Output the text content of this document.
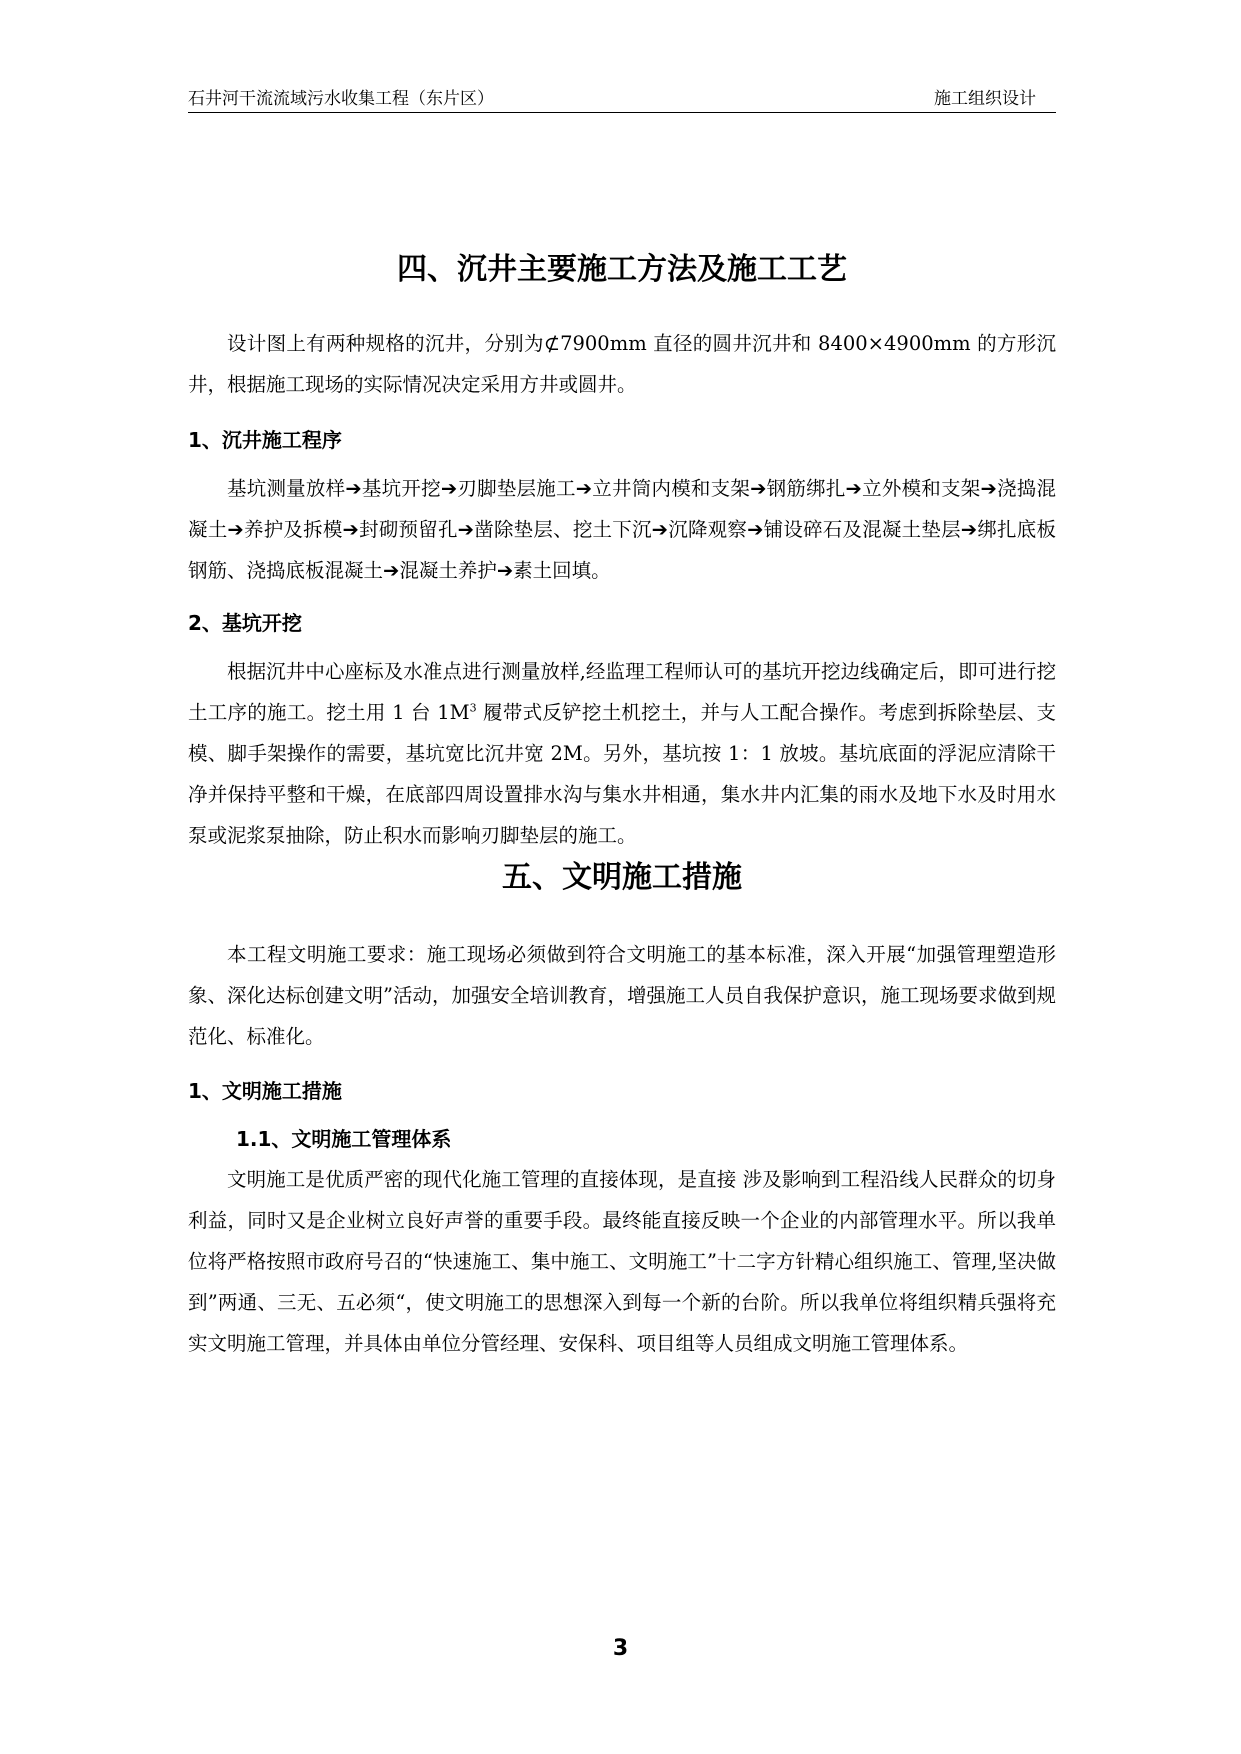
石井河干流流域污水收集工程（东片区）	施工组织设计
四、沉井主要施工方法及施工工艺
设计图上有两种规格的沉井，分别为⊄7900mm 直径的圆井沉井和 8400×4900mm 的方形沉井，根据施工现场的实际情况决定采用方井或圆井。
1、沉井施工程序
基坑测量放样➔基坑开挖➔刃脚垫层施工➔立井筒内模和支架➔钢筋绑扎➔立外模和支架➔浇捣混凝土➔养护及拆模➔封砌预留孔➔凿除垫层、挖土下沉➔沉降观察➔铺设碎石及混凝土垫层➔绑扎底板钢筋、浇捣底板混凝土➔混凝土养护➔素土回填。
2、基坑开挖
根据沉井中心座标及水准点进行测量放样,经监理工程师认可的基坑开挖边线确定后，即可进行挖土工序的施工。挖土用 1 台 $1M^3$ 履带式反铲挖土机挖土，并与人工配合操作。考虑到拆除垫层、支模、脚手架操作的需要，基坑宽比沉井宽 2M。另外，基坑按 1：1 放坡。基坑底面的浮泥应清除干净并保持平整和干燥，在底部四周设置排水沟与集水井相通，集水井内汇集的雨水及地下水及时用水泵或泥浆泵抽除，防止积水而影响刃脚垫层的施工。
五、文明施工措施
本工程文明施工要求：施工现场必须做到符合文明施工的基本标准，深入开展“加强管理塑造形象、深化达标创建文明”活动，加强安全培训教育，增强施工人员自我保护意识，施工现场要求做到规范化、标准化。
1、文明施工措施
1.1、文明施工管理体系
文明施工是优质严密的现代化施工管理的直接体现，是直接 涉及影响到工程沿线人民群众的切身利益，同时又是企业树立良好声誉的重要手段。最终能直接反映一个企业的内部管理水平。所以我单位将严格按照市政府号召的“快速施工、集中施工、文明施工”十二字方针精心组织施工、管理,坚决做到”两通、三无、五必须“，使文明施工的思想深入到每一个新的台阶。所以我单位将组织精兵强将充实文明施工管理，并具体由单位分管经理、安保科、项目组等人员组成文明施工管理体系。
3
